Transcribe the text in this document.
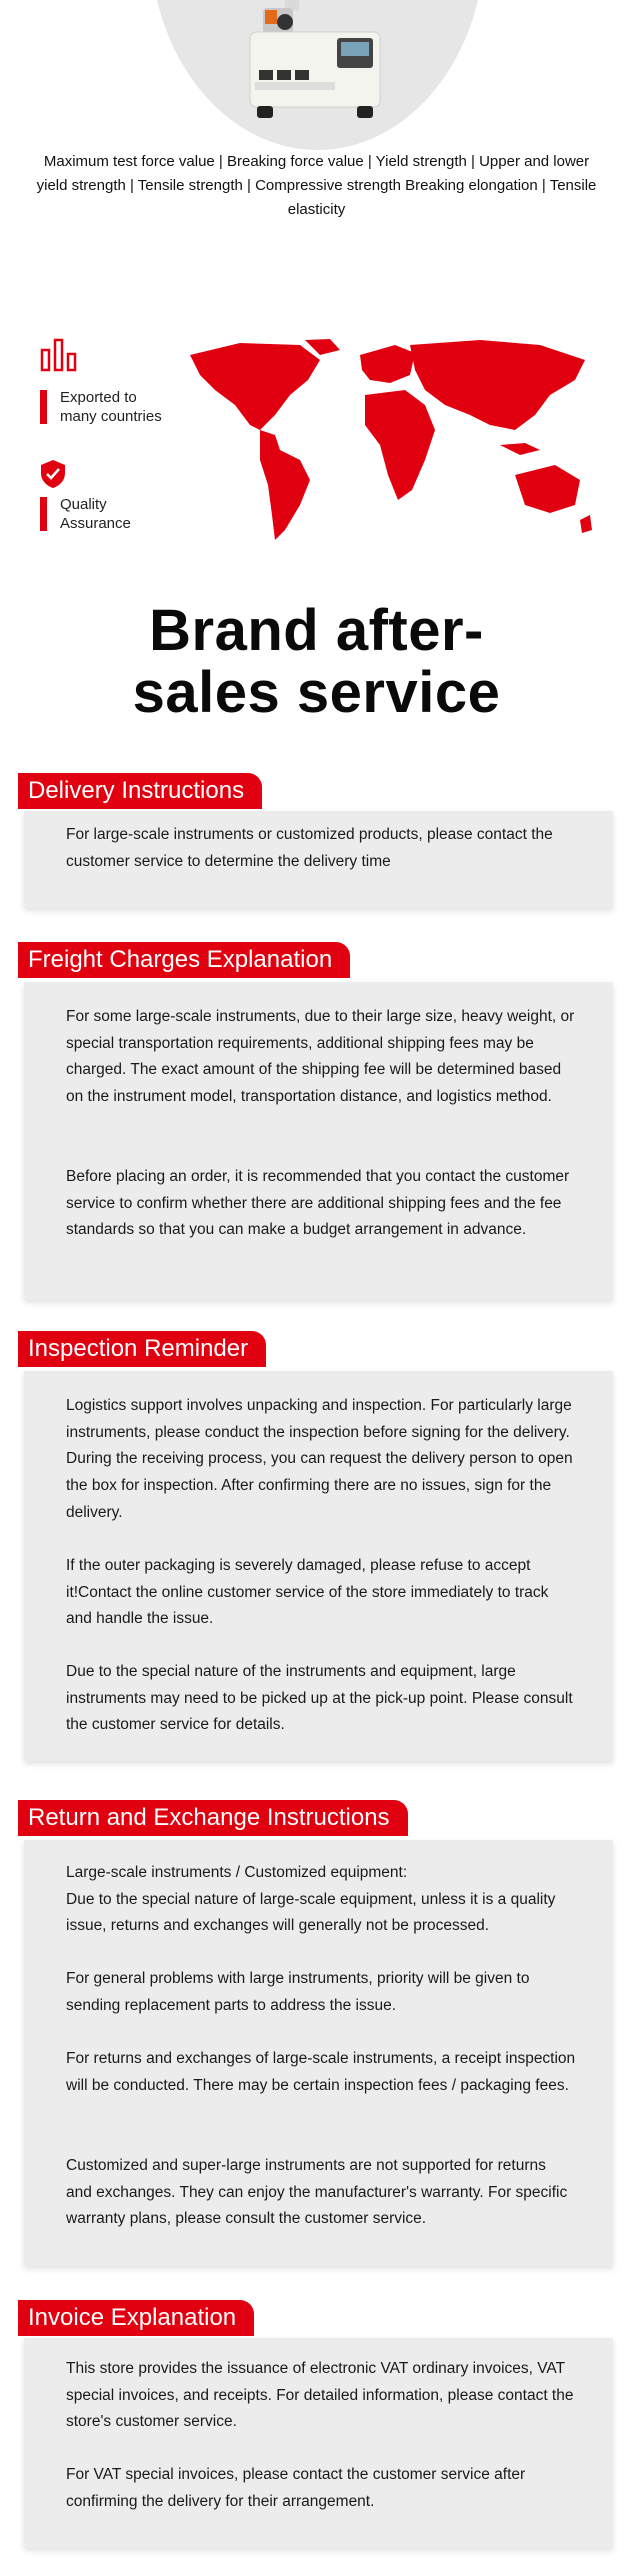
Maximum test force value | Breaking force value | Yield strength | Upper and lower yield strength | Tensile strength | Compressive strength Breaking elongation | Tensile elasticity
Exported to
many countries
Quality
Assurance
Brand after-
sales service
Delivery Instructions

For large-scale instruments or customized products, please contact the customer service to determine the delivery time

Freight Charges Explanation

For some large-scale instruments, due to their large size, heavy weight, or special transportation requirements, additional shipping fees may be charged. The exact amount of the shipping fee will be determined based on the instrument model, transportation distance, and logistics method.

Before placing an order, it is recommended that you contact the customer service to confirm whether there are additional shipping fees and the fee standards so that you can make a budget arrangement in advance.

Inspection Reminder

Logistics support involves unpacking and inspection. For particularly large instruments, please conduct the inspection before signing for the delivery. During the receiving process, you can request the delivery person to open the box for inspection. After confirming there are no issues, sign for the delivery.

If the outer packaging is severely damaged, please refuse to accept it!Contact the online customer service of the store immediately to track and handle the issue.

Due to the special nature of the instruments and equipment, large instruments may need to be picked up at the pick-up point. Please consult the customer service for details.

Return and Exchange Instructions

Large-scale instruments / Customized equipment:
Due to the special nature of large-scale equipment, unless it is a quality issue, returns and exchanges will generally not be processed.

For general problems with large instruments, priority will be given to sending replacement parts to address the issue.

For returns and exchanges of large-scale instruments, a receipt inspection will be conducted. There may be certain inspection fees / packaging fees.

Customized and super-large instruments are not supported for returns and exchanges. They can enjoy the manufacturer's warranty. For specific warranty plans, please consult the customer service.

Invoice Explanation

This store provides the issuance of electronic VAT ordinary invoices, VAT special invoices, and receipts. For detailed information, please contact the store's customer service.

For VAT special invoices, please contact the customer service after confirming the delivery for their arrangement.
